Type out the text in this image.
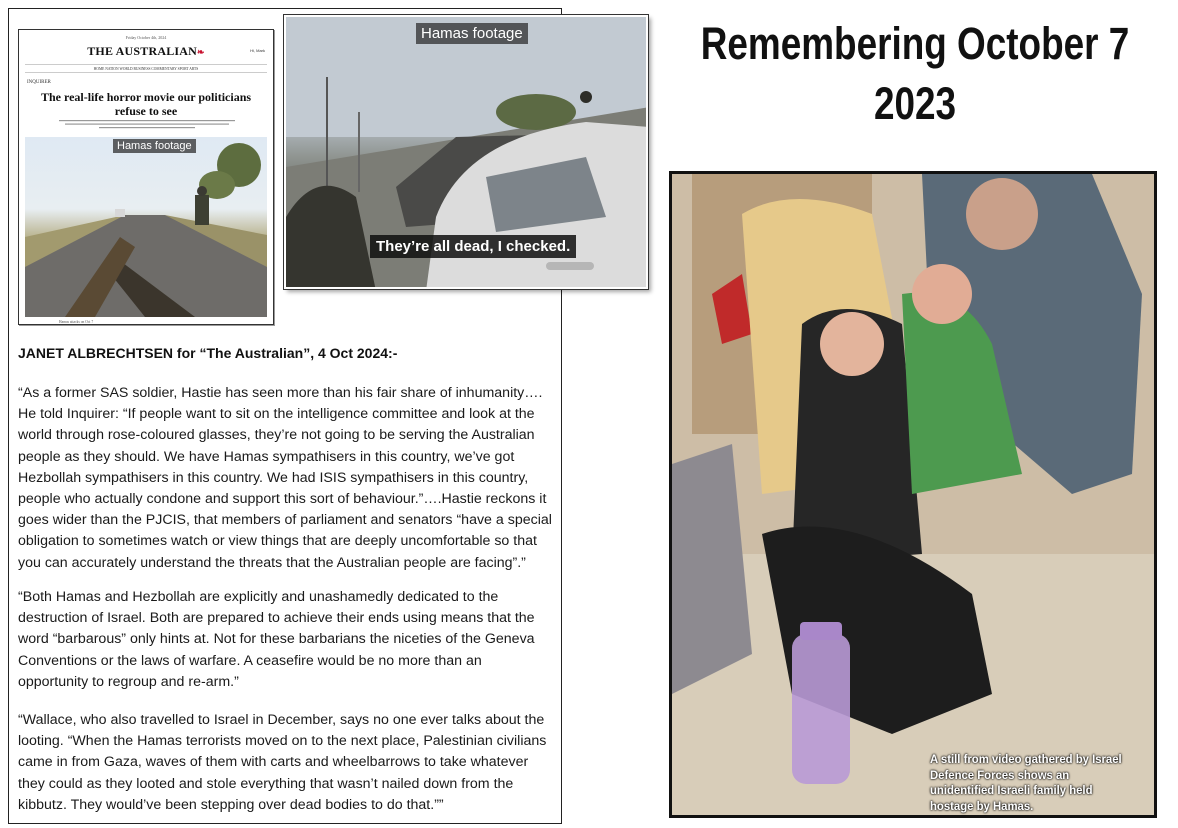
Friday October 4th, 2024
THE AUSTRALIAN❧	Hi, Mark
HOME NATION WORLD BUSINESS COMMENTARY SPORT ARTS
INQUIRER
The real-life horror movie our politicians refuse to see
Hamas footage
Hamas attacks on Oct 7
Hamas footage
They’re all dead, I checked.
JANET ALBRECHTSEN for “The Australian”, 4 Oct 2024:-
“As a former SAS soldier, Hastie has seen more than his fair share of inhumanity…. He told Inquirer: “If people want to sit on the intelligence committee and look at the world through rose-coloured glasses, they’re not going to be serving the Australian people as they should. We have Hamas sympathisers in this country, we’ve got Hezbollah sympathisers in this country. We had ISIS sympathisers in this country, people who actually condone and support this sort of behaviour.”….Hastie reckons it goes wider than the PJCIS, that members of parliament and senators “have a special obligation to sometimes watch or view things that are deeply uncomfortable so that you can accurately understand the threats that the Australian people are facing”.”
“Both Hamas and Hezbollah are explicitly and unashamedly dedicated to the destruction of Israel. Both are prepared to achieve their ends using means that the word “barbarous” only hints at. Not for these barbarians the niceties of the Geneva Conventions or the laws of warfare. A ceasefire would be no more than an opportunity to regroup and re-arm.”
“Wallace, who also travelled to Israel in December, says no one ever talks about the looting. “When the Hamas terrorists moved on to the next place, Palestinian civilians came in from Gaza, waves of them with carts and wheelbarrows to take whatever they could as they looted and stole everything that wasn’t nailed down from the kibbutz. They would’ve been stepping over dead bodies to do that.””
Remembering October 7
2023
A still from video gathered by Israel Defence Forces shows an unidentified Israeli family held hostage by Hamas.
